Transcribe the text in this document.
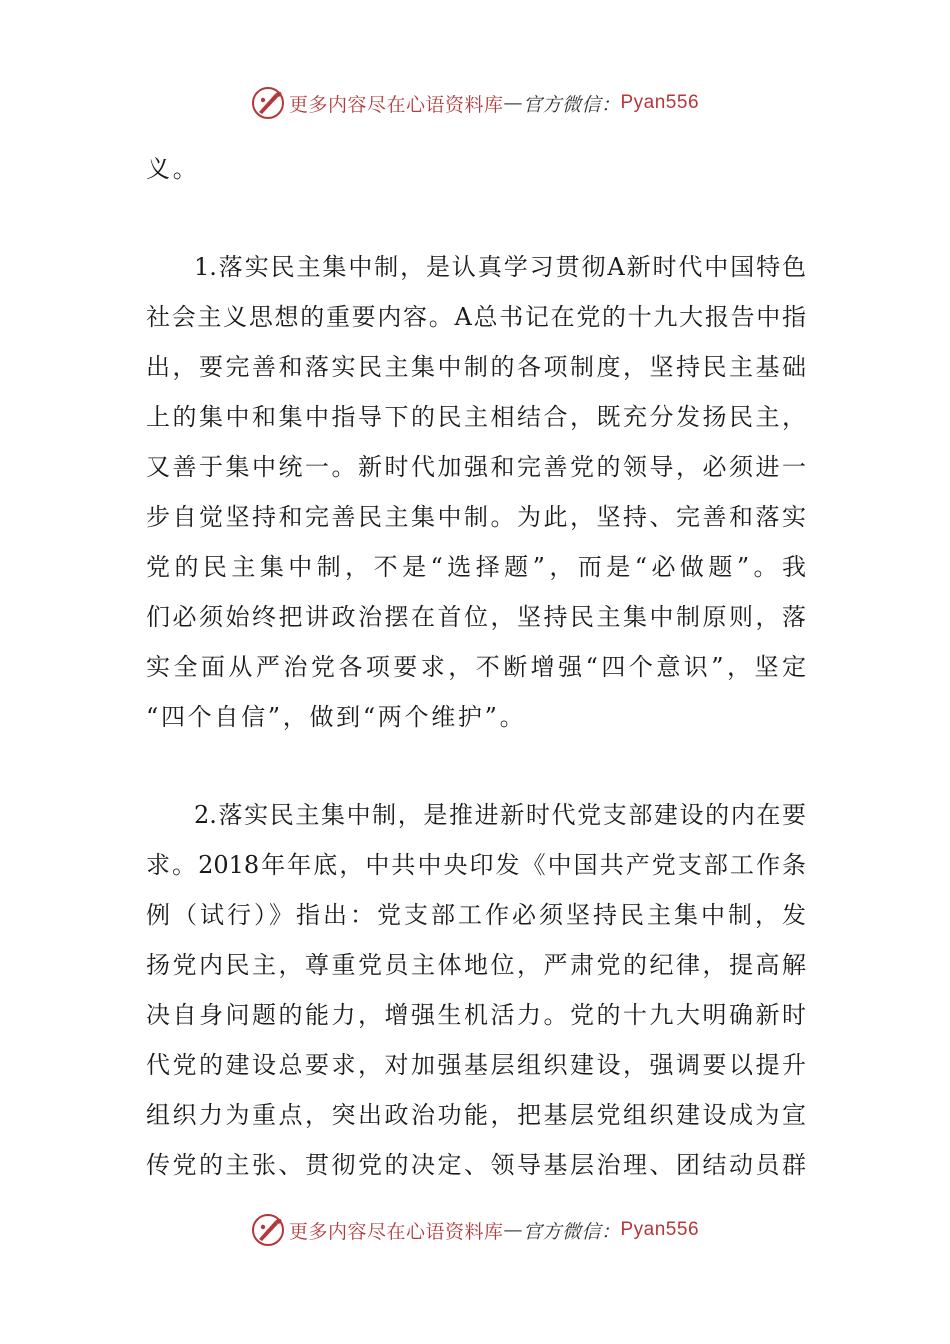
更多内容尽在心语资料库 — 官方微信： Pyan556
义。
1.落实民主集中制，是认真学习贯彻A新时代中国特色
社会主义思想的重要内容。A总书记在党的十九大报告中指
出，要完善和落实民主集中制的各项制度，坚持民主基础
上的集中和集中指导下的民主相结合，既充分发扬民主，
又善于集中统一。新时代加强和完善党的领导，必须进一
步自觉坚持和完善民主集中制。为此，坚持、完善和落实
党的民主集中制，不是“选择题”，而是“必做题”。我
们必须始终把讲政治摆在首位，坚持民主集中制原则，落
实全面从严治党各项要求，不断增强“四个意识”，坚定
“四个自信”，做到“两个维护”。
2.落实民主集中制，是推进新时代党支部建设的内在要
求。2018年年底，中共中央印发《中国共产党支部工作条
例（试行）》指出：党支部工作必须坚持民主集中制，发
扬党内民主，尊重党员主体地位，严肃党的纪律，提高解
决自身问题的能力，增强生机活力。党的十九大明确新时
代党的建设总要求，对加强基层组织建设，强调要以提升
组织力为重点，突出政治功能，把基层党组织建设成为宣
传党的主张、贯彻党的决定、领导基层治理、团结动员群
更多内容尽在心语资料库 — 官方微信： Pyan556
